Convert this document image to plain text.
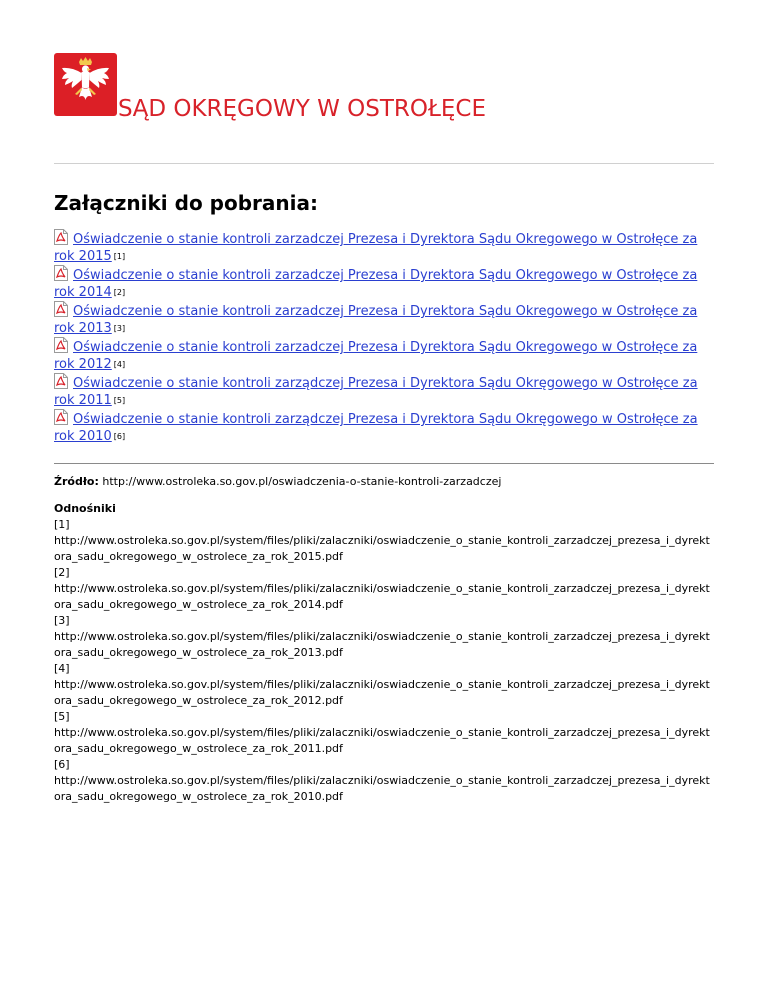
SĄD OKRĘGOWY W OSTROŁĘCE
Załączniki do pobrania:
Oświadczenie o stanie kontroli zarzadczej Prezesa i Dyrektora Sądu Okregowego w Ostrołęce za
rok 2015 [1]
Oświadczenie o stanie kontroli zarzadczej Prezesa i Dyrektora Sądu Okregowego w Ostrołęce za
rok 2014 [2]
Oświadczenie o stanie kontroli zarzadczej Prezesa i Dyrektora Sądu Okregowego w Ostrołęce za
rok 2013 [3]
Oświadczenie o stanie kontroli zarzadczej Prezesa i Dyrektora Sądu Okregowego w Ostrołęce za
rok 2012 [4]
Oświadczenie o stanie kontroli zarządczej Prezesa i Dyrektora Sądu Okręgowego w Ostrołęce za
rok 2011 [5]
Oświadczenie o stanie kontroli zarządczej Prezesa i Dyrektora Sądu Okręgowego w Ostrołęce za
rok 2010 [6]
Źródło: http://www.ostroleka.so.gov.pl/oswiadczenia-o-stanie-kontroli-zarzadczej
Odnośniki
[1]
http://www.ostroleka.so.gov.pl/system/files/pliki/zalaczniki/oswiadczenie_o_stanie_kontroli_zarzadczej_prezesa_i_dyrektora_sadu_okregowego_w_ostrolece_za_rok_2015.pdf
[2]
http://www.ostroleka.so.gov.pl/system/files/pliki/zalaczniki/oswiadczenie_o_stanie_kontroli_zarzadczej_prezesa_i_dyrektora_sadu_okregowego_w_ostrolece_za_rok_2014.pdf
[3]
http://www.ostroleka.so.gov.pl/system/files/pliki/zalaczniki/oswiadczenie_o_stanie_kontroli_zarzadczej_prezesa_i_dyrektora_sadu_okregowego_w_ostrolece_za_rok_2013.pdf
[4]
http://www.ostroleka.so.gov.pl/system/files/pliki/zalaczniki/oswiadczenie_o_stanie_kontroli_zarzadczej_prezesa_i_dyrektora_sadu_okregowego_w_ostrolece_za_rok_2012.pdf
[5]
http://www.ostroleka.so.gov.pl/system/files/pliki/zalaczniki/oswiadczenie_o_stanie_kontroli_zarzadczej_prezesa_i_dyrektora_sadu_okregowego_w_ostrolece_za_rok_2011.pdf
[6]
http://www.ostroleka.so.gov.pl/system/files/pliki/zalaczniki/oswiadczenie_o_stanie_kontroli_zarzadczej_prezesa_i_dyrektora_sadu_okregowego_w_ostrolece_za_rok_2010.pdf
